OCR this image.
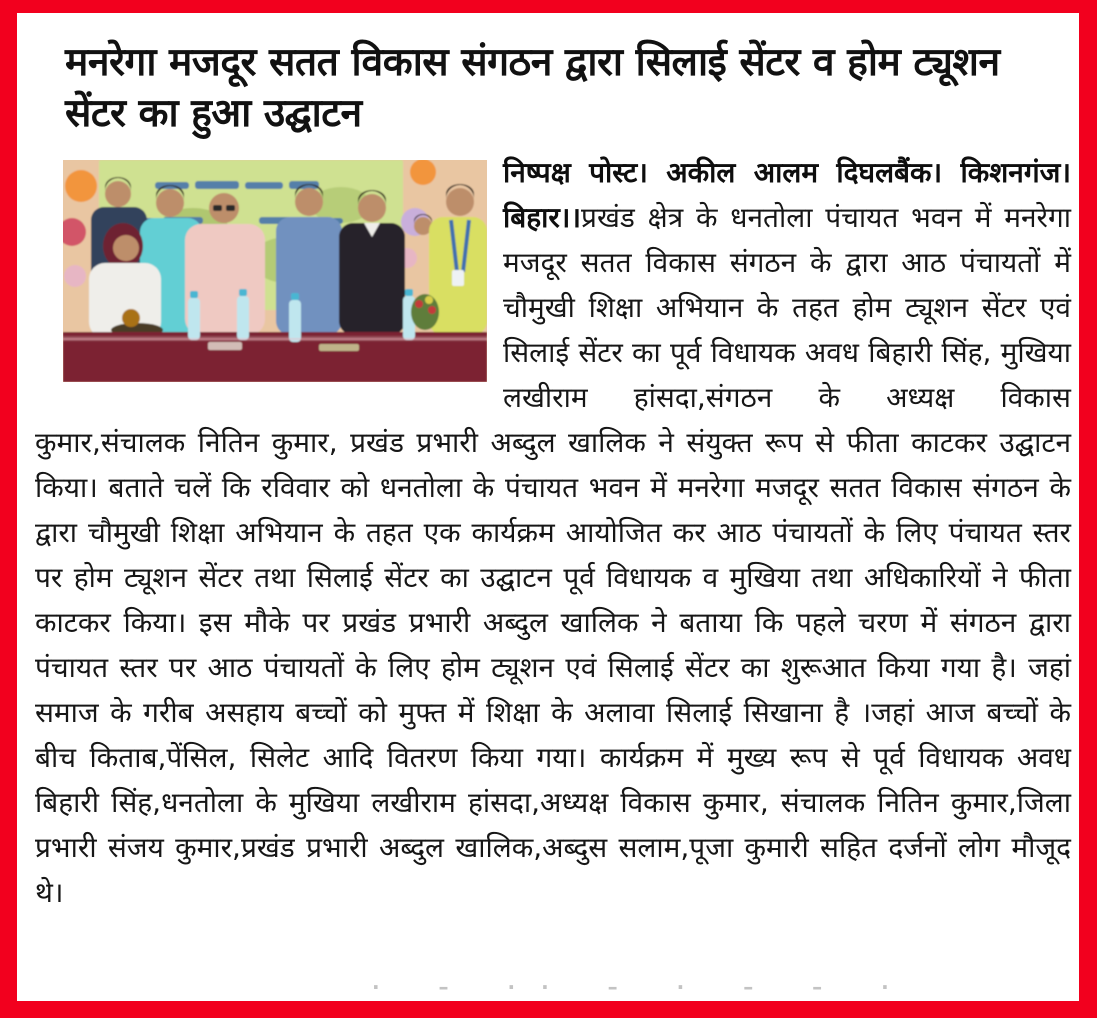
मनरेगा मजदूर सतत विकास संगठन द्वारा सिलाई सेंटर व होम ट्यूशन सेंटर का हुआ उद्घाटन

निष्पक्ष पोस्ट। अकील आलम दिघलबैंक। किशनगंज। बिहार।।प्रखंड क्षेत्र के धनतोला पंचायत भवन में मनरेगा मजदूर सतत विकास संगठन के द्वारा आठ पंचायतों में चौमुखी शिक्षा अभियान के तहत होम ट्यूशन सेंटर एवं सिलाई सेंटर का पूर्व विधायक अवध बिहारी सिंह, मुखिया लखीराम हांसदा,संगठन के अध्यक्ष विकास कुमार,संचालक नितिन कुमार, प्रखंड प्रभारी अब्दुल खालिक ने संयुक्त रूप से फीता काटकर उद्घाटन किया। बताते चलें कि रविवार को धनतोला के पंचायत भवन में मनरेगा मजदूर सतत विकास संगठन के द्वारा चौमुखी शिक्षा अभियान के तहत एक कार्यक्रम आयोजित कर आठ पंचायतों के लिए पंचायत स्तर पर होम ट्यूशन सेंटर तथा सिलाई सेंटर का उद्घाटन पूर्व विधायक व मुखिया तथा अधिकारियों ने फीता काटकर किया। इस मौके पर प्रखंड प्रभारी अब्दुल खालिक ने बताया कि पहले चरण में संगठन द्वारा पंचायत स्तर पर आठ पंचायतों के लिए होम ट्यूशन एवं सिलाई सेंटर का शुरूआत किया गया है। जहां समाज के गरीब असहाय बच्चों को मुफ्त में शिक्षा के अलावा सिलाई सिखाना है ।जहां आज बच्चों के बीच किताब,पेंसिल, सिलेट आदि वितरण किया गया। कार्यक्रम में मुख्य रूप से पूर्व विधायक अवध बिहारी सिंह,धनतोला के मुखिया लखीराम हांसदा,अध्यक्ष विकास कुमार, संचालक नितिन कुमार,जिला प्रभारी संजय कुमार,प्रखंड प्रभारी अब्दुल खालिक,अब्दुस सलाम,पूजा कुमारी सहित दर्जनों लोग मौजूद थे।

· – ·· – · – – ·
